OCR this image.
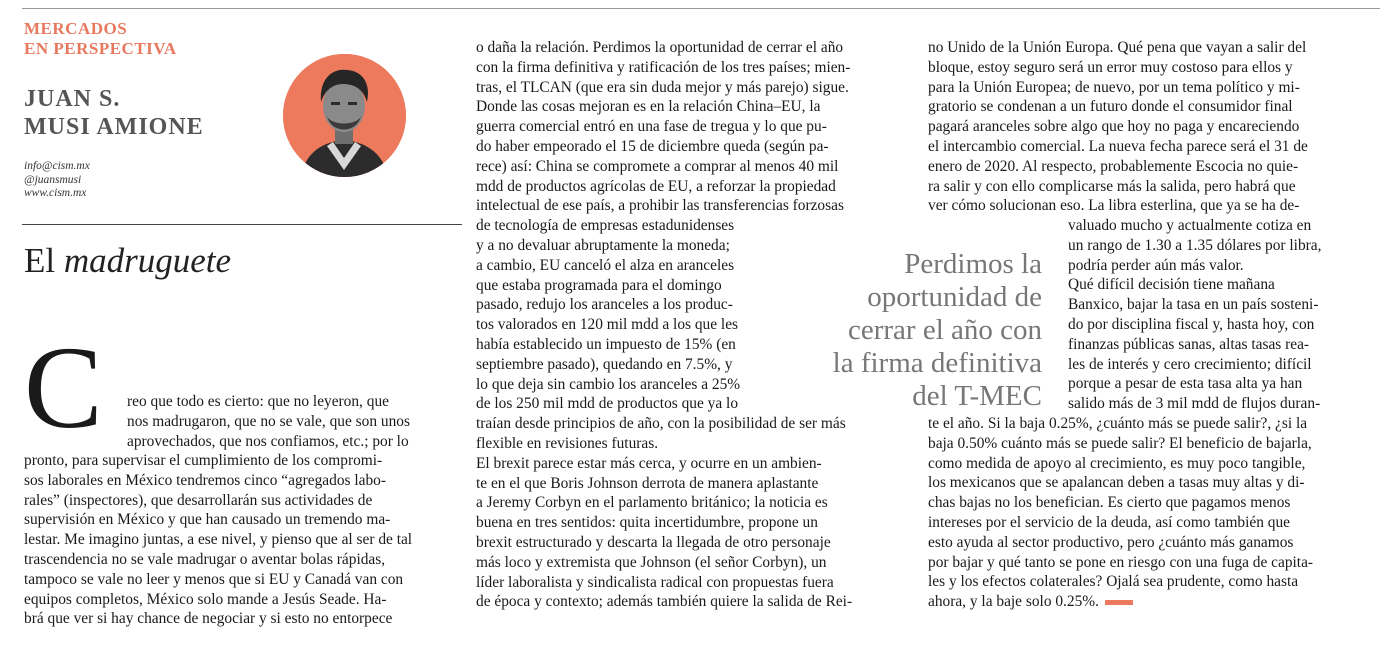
MERCADOS
EN PERSPECTIVA
JUAN S.
MUSI AMIONE
info@cism.mx
@juansmusi
www.cism.mx
El madruguete
C reo que todo es cierto: que no leyeron, que
nos madrugaron, que no se vale, que son unos
aprovechados, que nos confiamos, etc.; por lo
pronto, para supervisar el cumplimiento de los compromi-
sos laborales en México tendremos cinco “agregados labo-
rales” (inspectores), que desarrollarán sus actividades de
supervisión en México y que han causado un tremendo ma-
lestar. Me imagino juntas, a ese nivel, y pienso que al ser de tal
trascendencia no se vale madrugar o aventar bolas rápidas,
tampoco se vale no leer y menos que si EU y Canadá van con
equipos completos, México solo mande a Jesús Seade. Ha-
brá que ver si hay chance de negociar y si esto no entorpece
o daña la relación. Perdimos la oportunidad de cerrar el año
con la firma definitiva y ratificación de los tres países; mien-
tras, el TLCAN (que era sin duda mejor y más parejo) sigue.
Donde las cosas mejoran es en la relación China–EU, la
guerra comercial entró en una fase de tregua y lo que pu-
do haber empeorado el 15 de diciembre queda (según pa-
rece) así: China se compromete a comprar al menos 40 mil
mdd de productos agrícolas de EU, a reforzar la propiedad
intelectual de ese país, a prohibir las transferencias forzosas
de tecnología de empresas estadunidenses
y a no devaluar abruptamente la moneda;
a cambio, EU canceló el alza en aranceles
que estaba programada para el domingo
pasado, redujo los aranceles a los produc-
tos valorados en 120 mil mdd a los que les
había establecido un impuesto de 15% (en
septiembre pasado), quedando en 7.5%, y
lo que deja sin cambio los aranceles a 25%
de los 250 mil mdd de productos que ya lo
traían desde principios de año, con la posibilidad de ser más
flexible en revisiones futuras.
El brexit parece estar más cerca, y ocurre en un ambien-
te en el que Boris Johnson derrota de manera aplastante
a Jeremy Corbyn en el parlamento británico; la noticia es
buena en tres sentidos: quita incertidumbre, propone un
brexit estructurado y descarta la llegada de otro personaje
más loco y extremista que Johnson (el señor Corbyn), un
líder laboralista y sindicalista radical con propuestas fuera
de época y contexto; además también quiere la salida de Rei-
no Unido de la Unión Europa. Qué pena que vayan a salir del
bloque, estoy seguro será un error muy costoso para ellos y
para la Unión Europea; de nuevo, por un tema político y mi-
gratorio se condenan a un futuro donde el consumidor final
pagará aranceles sobre algo que hoy no paga y encareciendo
el intercambio comercial. La nueva fecha parece será el 31 de
enero de 2020. Al respecto, probablemente Escocia no quie-
ra salir y con ello complicarse más la salida, pero habrá que
ver cómo solucionan eso. La libra esterlina, que ya se ha de-
valuado mucho y actualmente cotiza en
un rango de 1.30 a 1.35 dólares por libra,
podría perder aún más valor.
Qué difícil decisión tiene mañana
Banxico, bajar la tasa en un país sosteni-
do por disciplina fiscal y, hasta hoy, con
finanzas públicas sanas, altas tasas rea-
les de interés y cero crecimiento; difícil
porque a pesar de esta tasa alta ya han
salido más de 3 mil mdd de flujos duran-
te el año. Si la baja 0.25%, ¿cuánto más se puede salir?, ¿si la
baja 0.50% cuánto más se puede salir? El beneficio de bajarla,
como medida de apoyo al crecimiento, es muy poco tangible,
los mexicanos que se apalancan deben a tasas muy altas y di-
chas bajas no los benefician. Es cierto que pagamos menos
intereses por el servicio de la deuda, así como también que
esto ayuda al sector productivo, pero ¿cuánto más ganamos
por bajar y qué tanto se pone en riesgo con una fuga de capita-
les y los efectos colaterales? Ojalá sea prudente, como hasta
ahora, y la baje solo 0.25%.
Perdimos la
oportunidad de
cerrar el año con
la firma definitiva
del T-MEC
